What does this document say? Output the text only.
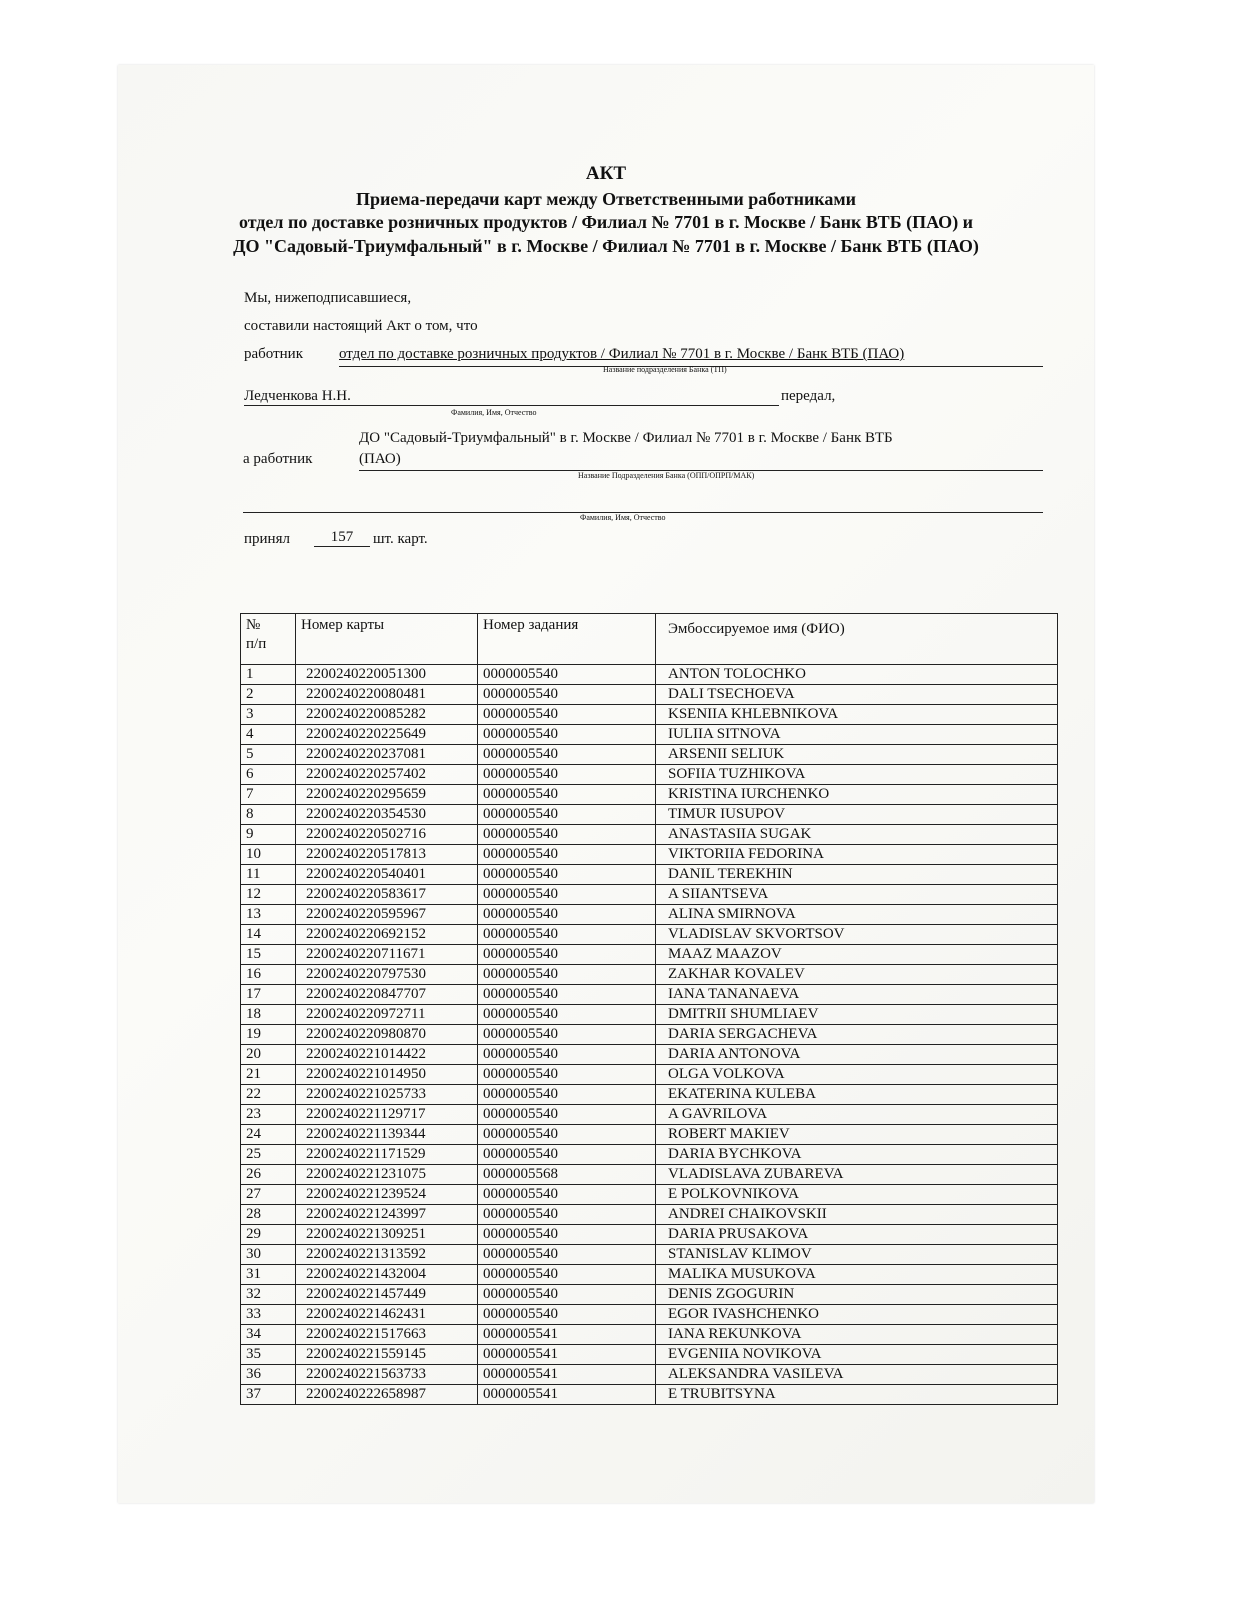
АКТ
Приема-передачи карт между Ответственными работниками
отдел по доставке розничных продуктов / Филиал № 7701 в г. Москве / Банк ВТБ (ПАО) и
ДО "Садовый-Триумфальный" в г. Москве / Филиал № 7701 в г. Москве / Банк ВТБ (ПАО)
Мы, нижеподписавшиеся,
составили настоящий Акт о том, что
работник отдел по доставке розничных продуктов / Филиал № 7701 в г. Москве / Банк ВТБ (ПАО)
Название подразделения Банка (ТП)
Ледченкова Н.Н.	передал,
Фамилия, Имя, Отчество
ДО "Садовый-Триумфальный" в г. Москве / Филиал № 7701 в г. Москве / Банк ВТБ
а работник	(ПАО)
Название Подразделения Банка (ОПП/ОПРП/МАК)
Фамилия, Имя, Отчество
принял	157	шт. карт.
№
п/п	Номер карты	Номер задания	Эмбоссируемое имя (ФИО)
1	2200240220051300	0000005540	ANTON TOLOCHKO
2	2200240220080481	0000005540	DALI TSECHOEVA
3	2200240220085282	0000005540	KSENIIA KHLEBNIKOVA
4	2200240220225649	0000005540	IULIIA SITNOVA
5	2200240220237081	0000005540	ARSENII SELIUK
6	2200240220257402	0000005540	SOFIIA TUZHIKOVA
7	2200240220295659	0000005540	KRISTINA IURCHENKO
8	2200240220354530	0000005540	TIMUR IUSUPOV
9	2200240220502716	0000005540	ANASTASIIA SUGAK
10	2200240220517813	0000005540	VIKTORIIA FEDORINA
11	2200240220540401	0000005540	DANIL TEREKHIN
12	2200240220583617	0000005540	A SIIANTSEVA
13	2200240220595967	0000005540	ALINA SMIRNOVA
14	2200240220692152	0000005540	VLADISLAV SKVORTSOV
15	2200240220711671	0000005540	MAAZ MAAZOV
16	2200240220797530	0000005540	ZAKHAR KOVALEV
17	2200240220847707	0000005540	IANA TANANAEVA
18	2200240220972711	0000005540	DMITRII SHUMLIAEV
19	2200240220980870	0000005540	DARIA SERGACHEVA
20	2200240221014422	0000005540	DARIA ANTONOVA
21	2200240221014950	0000005540	OLGA VOLKOVA
22	2200240221025733	0000005540	EKATERINA KULEBA
23	2200240221129717	0000005540	A GAVRILOVA
24	2200240221139344	0000005540	ROBERT MAKIEV
25	2200240221171529	0000005540	DARIA BYCHKOVA
26	2200240221231075	0000005568	VLADISLAVA ZUBAREVA
27	2200240221239524	0000005540	E POLKOVNIKOVA
28	2200240221243997	0000005540	ANDREI CHAIKOVSKII
29	2200240221309251	0000005540	DARIA PRUSAKOVA
30	2200240221313592	0000005540	STANISLAV KLIMOV
31	2200240221432004	0000005540	MALIKA MUSUKOVA
32	2200240221457449	0000005540	DENIS ZGOGURIN
33	2200240221462431	0000005540	EGOR IVASHCHENKO
34	2200240221517663	0000005541	IANA REKUNKOVA
35	2200240221559145	0000005541	EVGENIIA NOVIKOVA
36	2200240221563733	0000005541	ALEKSANDRA VASILEVA
37	2200240222658987	0000005541	E TRUBITSYNA
